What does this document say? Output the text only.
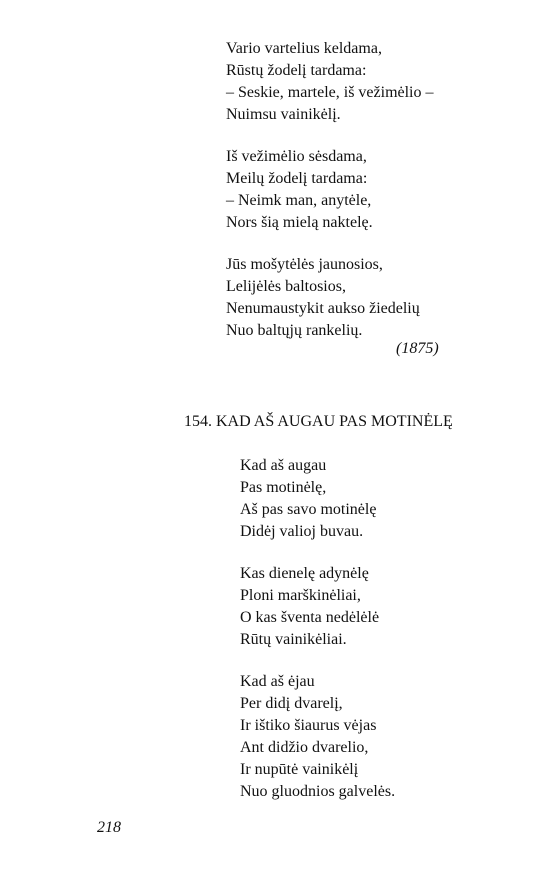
Vario vartelius keldama,
Rūstų žodelį tardama:
– Seskie, martele, iš vežimėlio –
Nuimsu vainikėlį.
Iš vežimėlio sėsdama,
Meilų žodelį tardama:
– Neimk man, anytėle,
Nors šią mielą naktelę.
Jūs mošytėlės jaunosios,
Lelijėlės baltosios,
Nenumaustykit aukso žiedelių
Nuo baltųjų rankelių.
(1875)
154. KAD AŠ AUGAU PAS MOTINĖLĘ
Kad aš augau
Pas motinėlę,
Aš pas savo motinėlę
Didėj valioj buvau.
Kas dienelę adynėlę
Ploni marškinėliai,
O kas šventa nedėlėlė
Rūtų vainikėliai.
Kad aš ėjau
Per didį dvarelį,
Ir ištiko šiaurus vėjas
Ant didžio dvarelio,
Ir nupūtė vainikėlį
Nuo gluodnios galvelės.
218
